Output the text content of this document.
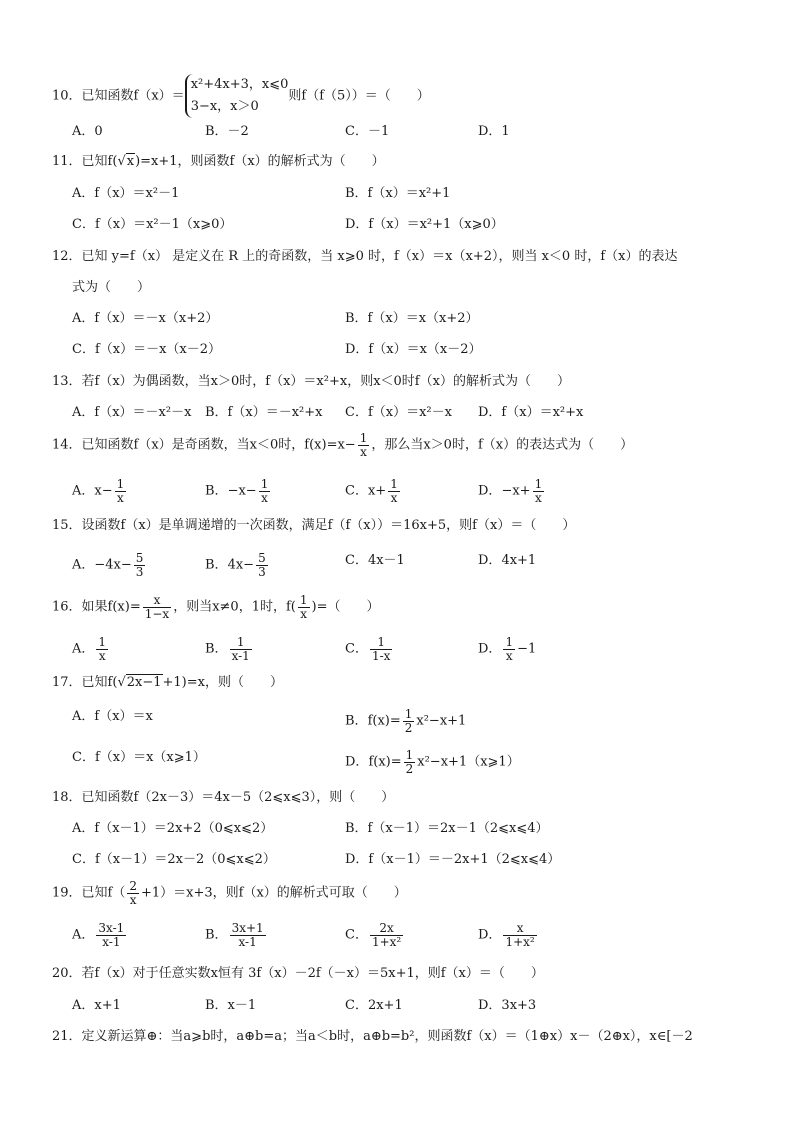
10．已知函数f（x）＝
x²+4x+3，x⩽0
3−x，x＞0
则f（f（5））＝（　　）
A．0	B．－2	C．－1	D．1
11．已知f(√x)=x+1，则函数f（x）的解析式为（　　）
A．f（x）＝x²－1	B．f（x）＝x²+1
C．f（x）＝x²－1（x⩾0）	D．f（x）＝x²+1（x⩾0）
12．已知 y=f（x） 是定义在 R 上的奇函数，当 x⩾0 时，f（x）＝x（x+2），则当 x＜0 时，f（x）的表达
式为（　　）
A．f（x）＝－x（x+2）	B．f（x）＝x（x+2）
C．f（x）＝－x（x－2）	D．f（x）＝x（x－2）
13．若f（x）为偶函数，当x＞0时，f（x）＝x²+x，则x＜0时f（x）的解析式为（　　）
A．f（x）＝－x²－x B．f（x）＝－x²+x C．f（x）＝x²－x D．f（x）＝x²+x
14．已知函数f（x）是奇函数，当x＜0时，$f(x)=x- \frac{1}{x}$ ，那么当x＞0时，f（x）的表达式为（　　）
A．$x- \frac{1}{x}$	B．$-x- \frac{1}{x}$	C．$x+ \frac{1}{x}$	D．$-x+ \frac{1}{x}$
15．设函数f（x）是单调递增的一次函数，满足f（f（x））＝16x+5，则f（x）＝（　　）
A．$-4x- \frac{5}{3}$	B．$4x- \frac{5}{3}$	C．4x－1	D．4x+1
16．如果$f(x)= \frac{x}{1-x}$ ，则当x≠0，1时，$f( \frac{1}{x}$ )=（　　）
A． $\frac{1}{x}$	B． $\frac{1}{x-1}$	C． $\frac{1}{1-x}$	D． $\frac{1}{x} -1$
17．已知f(√2x−1+1)=x，则（　　）
A．f（x）＝x	B．$f(x)= \frac{1}{2} x^2-x+1$
C．f（x）＝x（x⩾1）	D．$f(x)= \frac{1}{2}$ x²−x+1（x⩾1）
18．已知函数f（2x－3）＝4x－5（2⩽x⩽3），则（　　）
A．f（x－1）＝2x+2（0⩽x⩽2）	B．f（x－1）＝2x－1（2⩽x⩽4）
C．f（x－1）＝2x－2（0⩽x⩽2）	D．f（x－1）＝－2x+1（2⩽x⩽4）
19．已知$f( \frac{2}{x} +1)=x+3$，则f（x）的解析式可取（　　）
A． $\frac{3x-1}{x-1}$	B． $\frac{3x+1}{x-1}$	C． $\frac{2x}{\text{1+x²}}$	D． $\frac{x}{\text{1+x²}}$
20．若f（x）对于任意实数x恒有 3f（x）－2f（－x）＝5x+1，则f（x）＝（　　）
A．x+1	B．x－1	C．2x+1	D．3x+3
21．定义新运算⊕：当a⩾b时，a⊕b=a；当a＜b时，a⊕b=b²，则函数f（x）＝（1⊕x）x－（2⊕x），x∈[－2
